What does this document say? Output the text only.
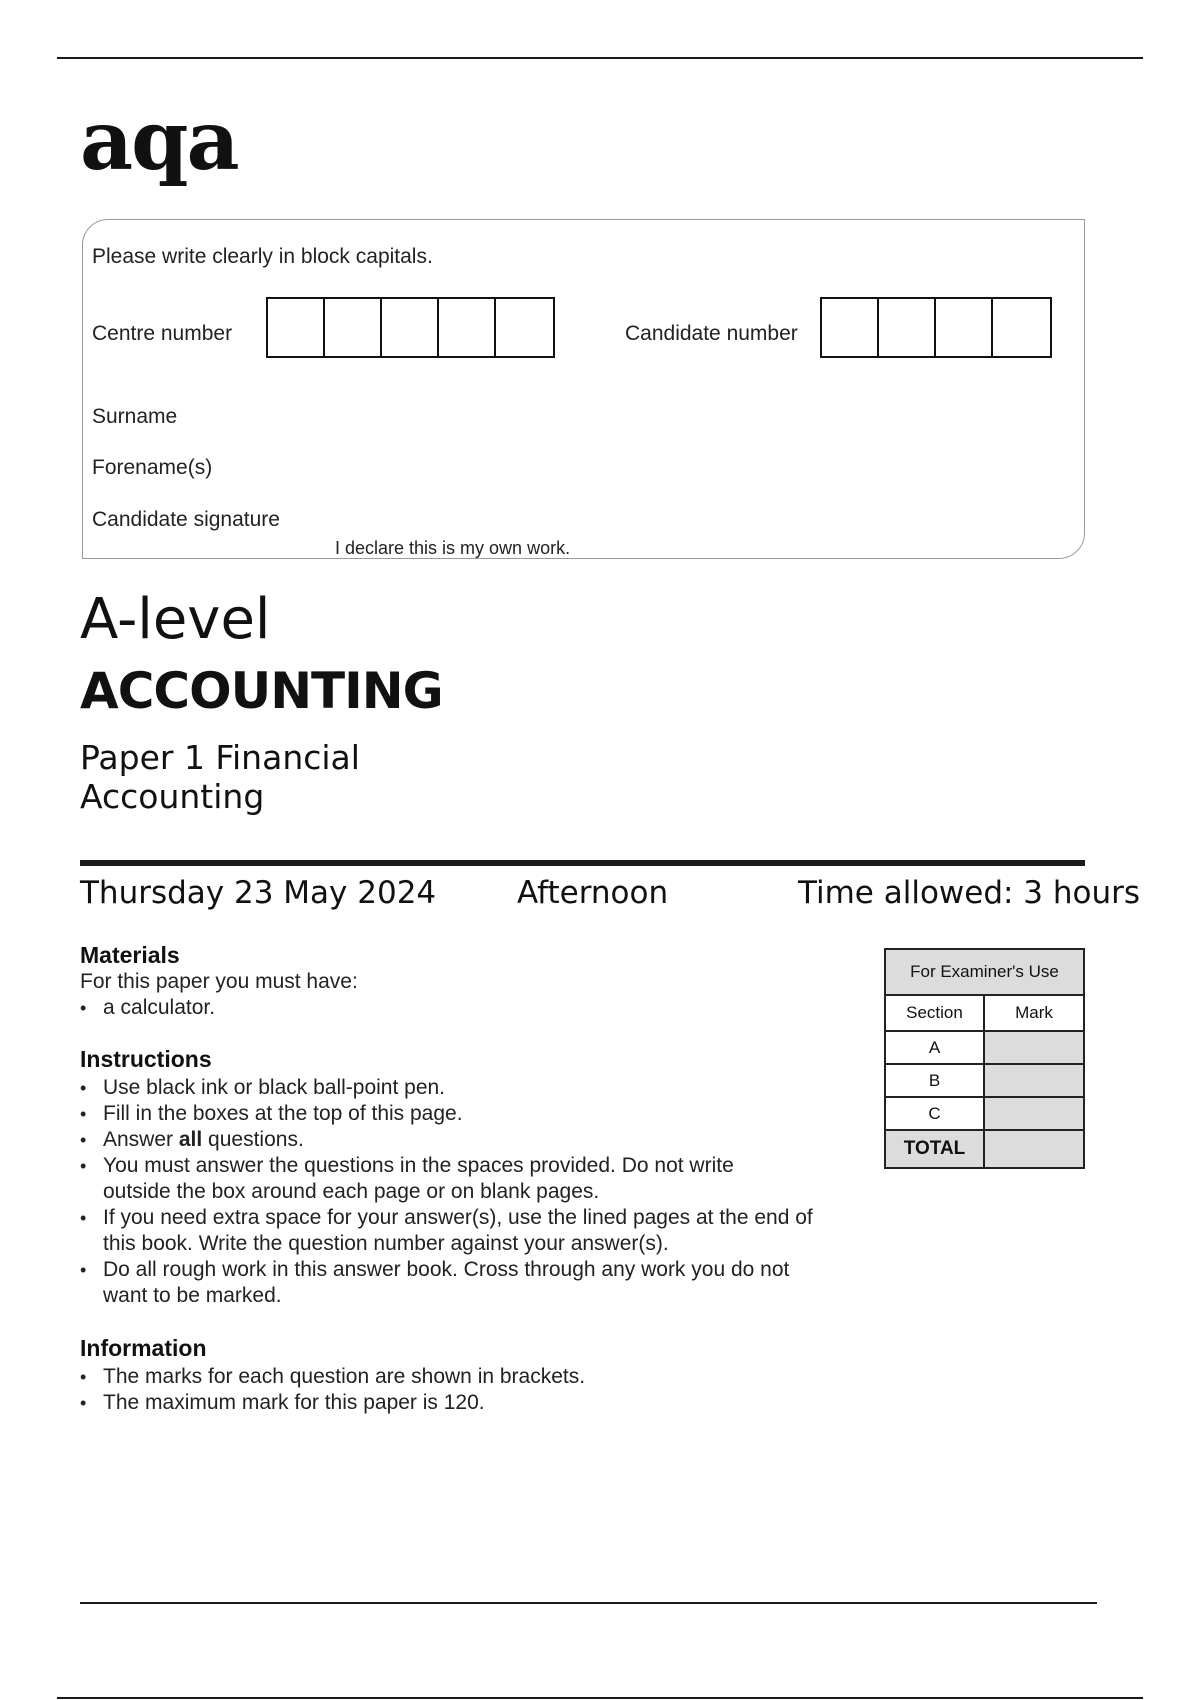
aqa
Please write clearly in block capitals.
Centre number	Candidate number
Surname
Forename(s)
Candidate signature
I declare this is my own work.
A-level
ACCOUNTING
Paper 1 Financial Accounting
Thursday 23 May 2024	Afternoon	Time allowed: 3 hours
Materials
For this paper you must have:
• a calculator.
Instructions
• Use black ink or black ball-point pen.
• Fill in the boxes at the top of this page.
• Answer all questions.
• You must answer the questions in the spaces provided. Do not write outside the box around each page or on blank pages.
• If you need extra space for your answer(s), use the lined pages at the end of this book. Write the question number against your answer(s).
• Do all rough work in this answer book. Cross through any work you do not want to be marked.
Information
• The marks for each question are shown in brackets.
• The maximum mark for this paper is 120.
For Examiner's Use	
Section	Mark
A	
B	
C	
TOTAL	
